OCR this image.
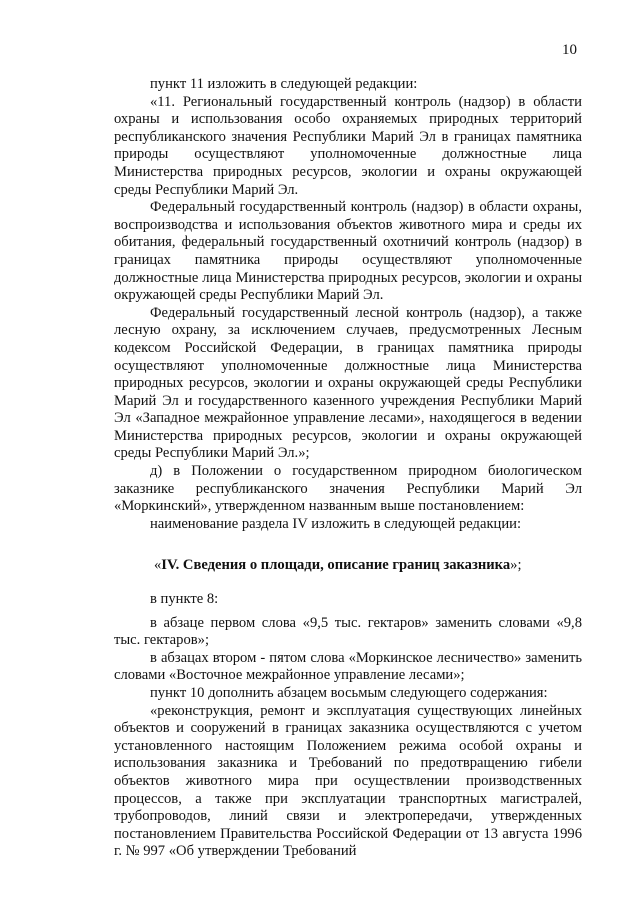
10

пункт 11 изложить в следующей редакции:

«11. Региональный государственный контроль (надзор) в области охраны и использования особо охраняемых природных территорий республиканского значения Республики Марий Эл в границах памятника природы осуществляют уполномоченные должностные лица Министерства природных ресурсов, экологии и охраны окружающей среды Республики Марий Эл.

Федеральный государственный контроль (надзор) в области охраны, воспроизводства и использования объектов животного мира и среды их обитания, федеральный государственный охотничий контроль (надзор) в границах памятника природы осуществляют уполномоченные должностные лица Министерства природных ресурсов, экологии и охраны окружающей среды Республики Марий Эл.

Федеральный государственный лесной контроль (надзор), а также лесную охрану, за исключением случаев, предусмотренных Лесным кодексом Российской Федерации, в границах памятника природы осуществляют уполномоченные должностные лица Министерства природных ресурсов, экологии и охраны окружающей среды Республики Марий Эл и государственного казенного учреждения Республики Марий Эл «Западное межрайонное управление лесами», находящегося в ведении Министерства природных ресурсов, экологии и охраны окружающей среды Республики Марий Эл.»;

д) в Положении о государственном природном биологическом заказнике республиканского значения Республики Марий Эл «Моркинский», утвержденном названным выше постановлением:

наименование раздела IV изложить в следующей редакции:

«IV. Сведения о площади, описание границ заказника»;

в пункте 8:

в абзаце первом слова «9,5 тыс. гектаров» заменить словами «9,8 тыс. гектаров»;

в абзацах втором - пятом слова «Моркинское лесничество» заменить словами «Восточное межрайонное управление лесами»;

пункт 10 дополнить абзацем восьмым следующего содержания:

«реконструкция, ремонт и эксплуатация существующих линейных объектов и сооружений в границах заказника осуществляются с учетом установленного настоящим Положением режима особой охраны и использования заказника и Требований по предотвращению гибели объектов животного мира при осуществлении производственных процессов, а также при эксплуатации транспортных магистралей, трубопроводов, линий связи и электропередачи, утвержденных постановлением Правительства Российской Федерации от 13 августа 1996 г. № 997 «Об утверждении Требований
